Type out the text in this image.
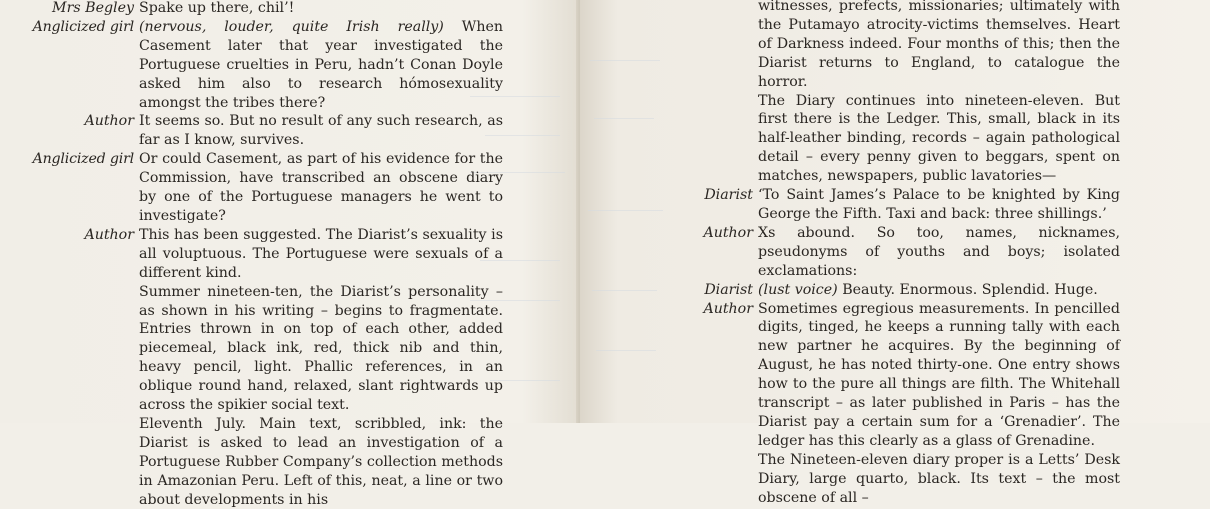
Mrs Begley Spake up there, chil’!
Anglicized girl (nervous, louder, quite Irish really) When Casement later that year investigated the Portuguese cruelties in Peru, hadn’t Conan Doyle asked him also to research hómosexuality amongst the tribes there?
Author It seems so. But no result of any such research, as far as I know, survives.
Anglicized girl Or could Casement, as part of his evidence for the Commission, have transcribed an obscene diary by one of the Portuguese managers he went to investigate?
Author This has been suggested. The Diarist’s sexuality is all voluptuous. The Portuguese were sexuals of a different kind.
Summer nineteen-ten, the Diarist’s personality – as shown in his writing – begins to fragmentate. Entries thrown in on top of each other, added piecemeal, black ink, red, thick nib and thin, heavy pencil, light. Phallic references, in an oblique round hand, relaxed, slant rightwards up across the spikier social text.
Eleventh July. Main text, scribbled, ink: the Diarist is asked to lead an investigation of a Portuguese Rubber Company’s collection methods in Amazonian Peru. Left of this, neat, a line or two about developments in his
witnesses, prefects, missionaries; ultimately with the Putamayo atrocity-victims themselves. Heart of Darkness indeed. Four months of this; then the Diarist returns to England, to catalogue the horror.
The Diary continues into nineteen-eleven. But first there is the Ledger. This, small, black in its half-leather binding, records – again pathological detail – every penny given to beggars, spent on matches, newspapers, public lavatories—
Diarist ‘To Saint James’s Palace to be knighted by King George the Fifth. Taxi and back: three shillings.’
Author Xs abound. So too, names, nicknames, pseudonyms of youths and boys; isolated exclamations:
Diarist (lust voice) Beauty. Enormous. Splendid. Huge.
Author Sometimes egregious measurements. In pencilled digits, tinged, he keeps a running tally with each new partner he acquires. By the beginning of August, he has noted thirty-one. One entry shows how to the pure all things are filth. The Whitehall transcript – as later published in Paris – has the Diarist pay a certain sum for a ‘Grenadier’. The ledger has this clearly as a glass of Grenadine.
The Nineteen-eleven diary proper is a Letts’ Desk Diary, large quarto, black. Its text – the most obscene of all –
